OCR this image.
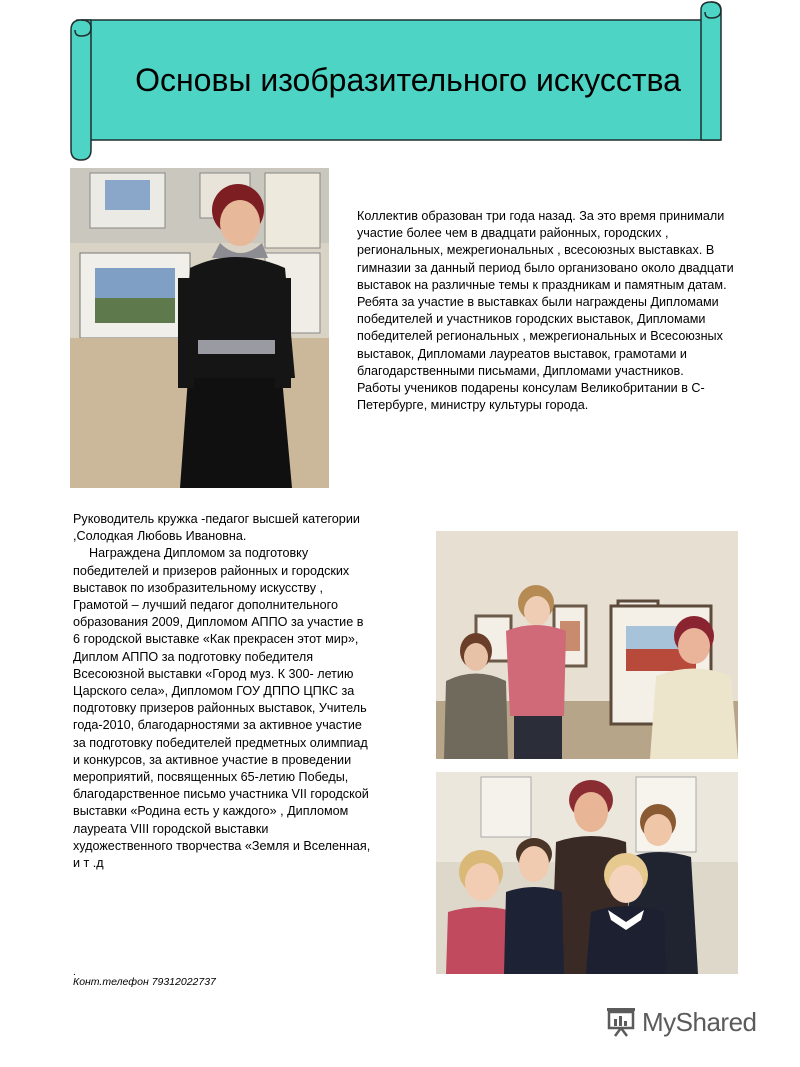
Основы изобразительного искусства

Коллектив образован три года назад. За это время принимали участие более чем в двадцати районных, городских , региональных, межрегиональных , всесоюзных выставках. В гимназии за данный период было организовано около двадцати выставок на различные темы к праздникам и памятным датам. Ребята за участие в выставках были награждены Дипломами победителей и участников городских выставок, Дипломами победителей региональных , межрегиональных и Всесоюзных выставок, Дипломами лауреатов выставок, грамотами и благодарственными письмами, Дипломами участников.

Работы учеников подарены консулам Великобритании в С-Петербурге, министру культуры города.

Руководитель кружка -педагог высшей категории ,Солодкая Любовь Ивановна.

Награждена Дипломом за подготовку победителей и призеров районных и городских выставок по изобразительному искусству , Грамотой – лучший педагог дополнительного образования 2009, Дипломом АППО за участие в 6 городской выставке «Как прекрасен этот мир», Диплом АППО за подготовку победителя Всесоюзной выставки «Город муз. К 300- летию Царского села», Дипломом ГОУ ДППО ЦПКС за подготовку призеров районных выставок, Учитель года-2010, благодарностями за активное участие за подготовку победителей предметных олимпиад и конкурсов, за активное участие в проведении мероприятий, посвященных 65-летию Победы, благодарственное письмо участника VII городской выставки «Родина есть у каждого» , Дипломом лауреата VIII городской выставки художественного творчества «Земля и Вселенная, и т .д

.
Конт.телефон 79312022737
MyShared
